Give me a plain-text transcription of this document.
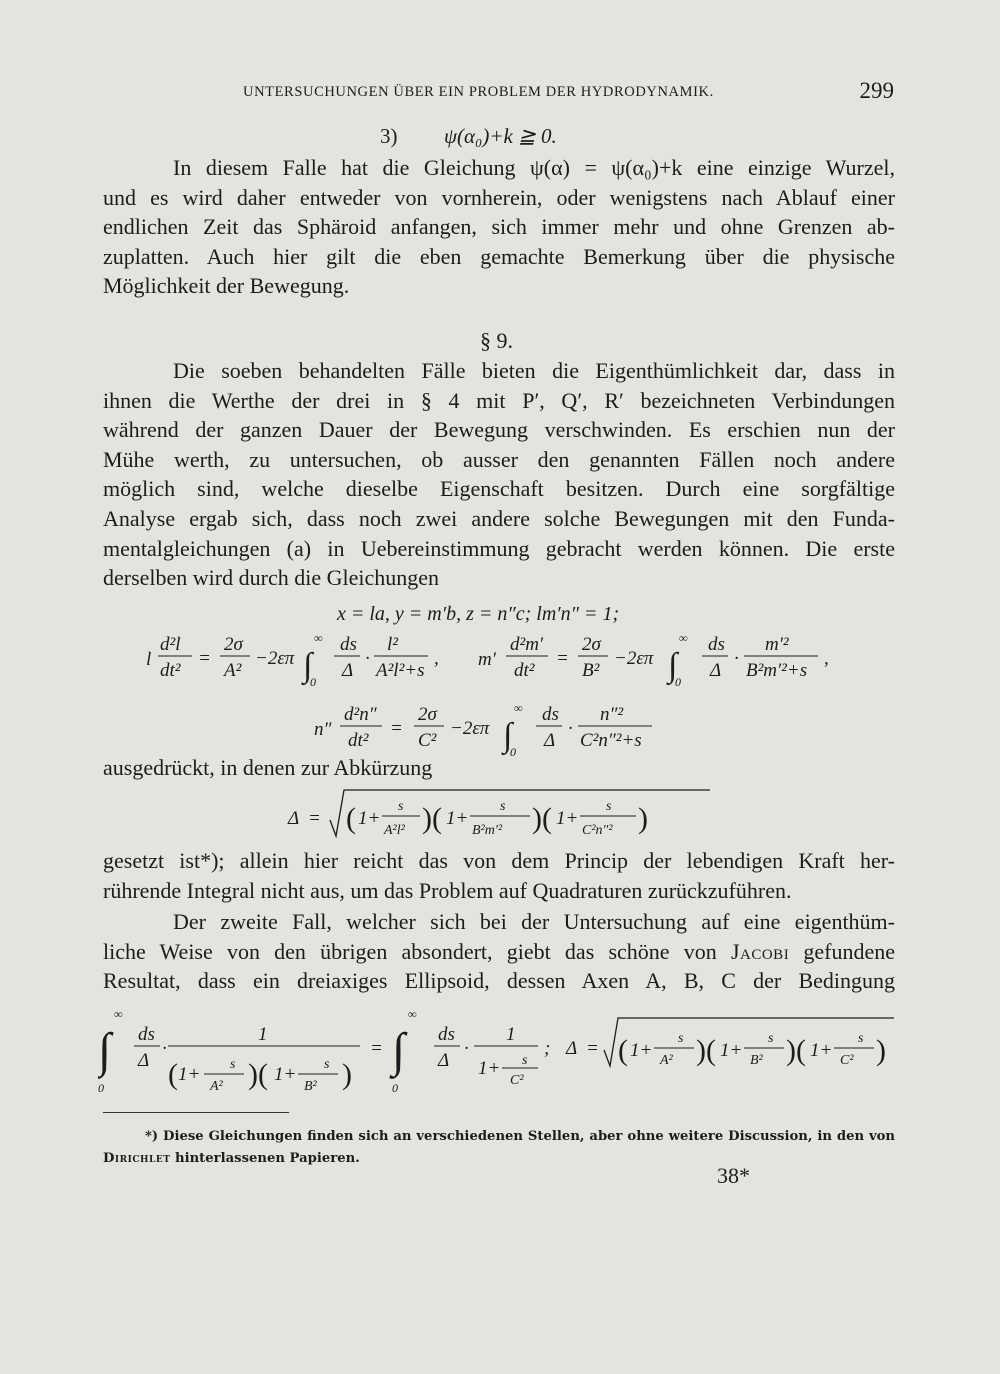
UNTERSUCHUNGEN ÜBER EIN PROBLEM DER HYDRODYNAMIK.	299
3) ψ(α₀)+k ≧ 0.
In diesem Falle hat die Gleichung ψ(α) = ψ(α₀)+k eine einzige Wurzel,
und es wird daher entweder von vornherein, oder wenigstens nach Ablauf einer
endlichen Zeit das Sphäroid anfangen, sich immer mehr und ohne Grenzen ab-
zuplatten. Auch hier gilt die eben gemachte Bemerkung über die physische
Möglichkeit der Bewegung.
§ 9.
Die soeben behandelten Fälle bieten die Eigenthümlichkeit dar, dass in
ihnen die Werthe der drei in § 4 mit P′, Q′, R′ bezeichneten Verbindungen
während der ganzen Dauer der Bewegung verschwinden. Es erschien nun der
Mühe werth, zu untersuchen, ob ausser den genannten Fällen noch andere
möglich sind, welche dieselbe Eigenschaft besitzen. Durch eine sorgfältige
Analyse ergab sich, dass noch zwei andere solche Bewegungen mit den Funda-
mentalgleichungen (a) in Uebereinstimmung gebracht werden können. Die erste
derselben wird durch die Gleichungen
x = la, y = m′b, z = n″c; lm′n″ = 1;
l
d²l
dt²
=
2σ
A²
−2επ ∫
∞
0
ds
Δ
·
l²
A²l²+s
, m′
d²m′
dt²
=
2σ
B²
−2επ ∫
∞
0
ds
Δ
·
m′²
B²m′²+s
,
n″
d²n″
dt²
=
2σ
C²
−2επ ∫
∞
0
ds
Δ
·
n″²
C²n″²+s
ausgedrückt, in denen zur Abkürzung
Δ = ( 1+
s
A²l² )( 1+
s
B²m′² )( 1+
s
C²n″² )
gesetzt ist*); allein hier reicht das von dem Princip der lebendigen Kraft her-
rührende Integral nicht aus, um das Problem auf Quadraturen zurückzuführen.
Der zweite Fall, welcher sich bei der Untersuchung auf eine eigenthüm-
liche Weise von den übrigen absondert, giebt das schöne von Jacobi gefundene
Resultat, dass ein dreiaxiges Ellipsoid, dessen Axen A, B, C der Bedingung
∫
∞
0
ds
Δ
·
1
( 1+ s
A² )( 1+ s
B² )
= ∫
∞
0
ds
Δ
·
1
1+ s
C²
; Δ = ( 1+
s
A² )( 1+
s
B² )( 1+
s
C² )
*) Diese Gleichungen finden sich an verschiedenen Stellen, aber ohne weitere Discussion, in den von
Dirichlet hinterlassenen Papieren.
38*
